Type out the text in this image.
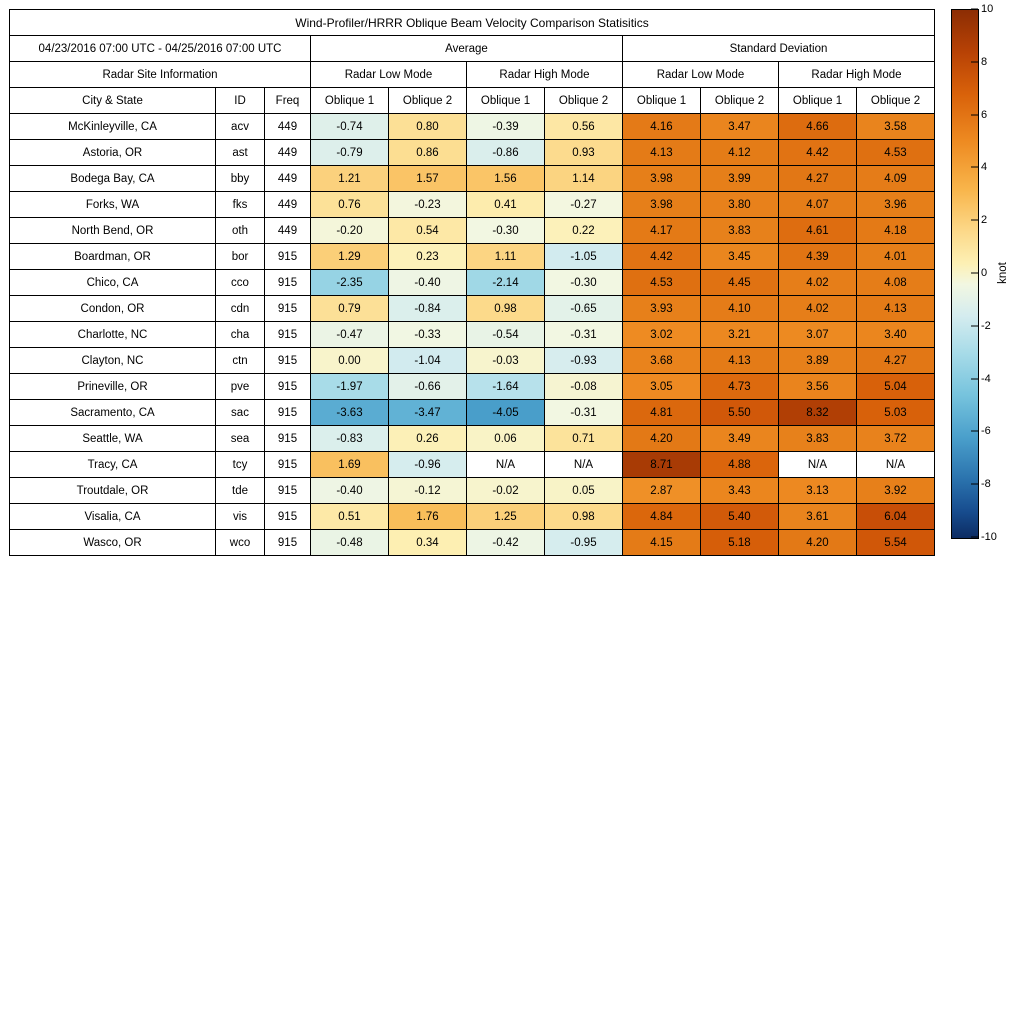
Wind-Profiler/HRRR Oblique Beam Velocity Comparison Statisitics										
04/23/2016 07:00 UTC - 04/25/2016 07:00 UTC			Average				Standard Deviation			
Radar Site Information			Radar Low Mode		Radar High Mode		Radar Low Mode		Radar High Mode	
City & State	ID	Freq	Oblique 1	Oblique 2	Oblique 1	Oblique 2	Oblique 1	Oblique 2	Oblique 1	Oblique 2
McKinleyville, CA	acv	449	-0.74	0.80	-0.39	0.56	4.16	3.47	4.66	3.58
Astoria, OR	ast	449	-0.79	0.86	-0.86	0.93	4.13	4.12	4.42	4.53
Bodega Bay, CA	bby	449	1.21	1.57	1.56	1.14	3.98	3.99	4.27	4.09
Forks, WA	fks	449	0.76	-0.23	0.41	-0.27	3.98	3.80	4.07	3.96
North Bend, OR	oth	449	-0.20	0.54	-0.30	0.22	4.17	3.83	4.61	4.18
Boardman, OR	bor	915	1.29	0.23	1.11	-1.05	4.42	3.45	4.39	4.01
Chico, CA	cco	915	-2.35	-0.40	-2.14	-0.30	4.53	4.45	4.02	4.08
Condon, OR	cdn	915	0.79	-0.84	0.98	-0.65	3.93	4.10	4.02	4.13
Charlotte, NC	cha	915	-0.47	-0.33	-0.54	-0.31	3.02	3.21	3.07	3.40
Clayton, NC	ctn	915	0.00	-1.04	-0.03	-0.93	3.68	4.13	3.89	4.27
Prineville, OR	pve	915	-1.97	-0.66	-1.64	-0.08	3.05	4.73	3.56	5.04
Sacramento, CA	sac	915	-3.63	-3.47	-4.05	-0.31	4.81	5.50	8.32	5.03
Seattle, WA	sea	915	-0.83	0.26	0.06	0.71	4.20	3.49	3.83	3.72
Tracy, CA	tcy	915	1.69	-0.96	N/A	N/A	8.71	4.88	N/A	N/A
Troutdale, OR	tde	915	-0.40	-0.12	-0.02	0.05	2.87	3.43	3.13	3.92
Visalia, CA	vis	915	0.51	1.76	1.25	0.98	4.84	5.40	3.61	6.04
Wasco, OR	wco	915	-0.48	0.34	-0.42	-0.95	4.15	5.18	4.20	5.54
10
8
6
4
2
0
-2
-4
-6
-8
-10
knot
